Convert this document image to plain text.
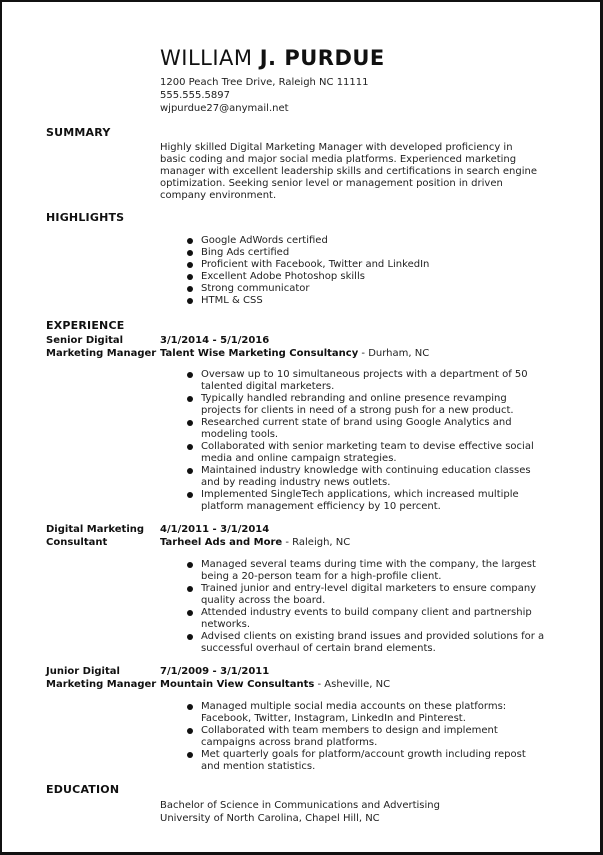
WILLIAM J. PURDUE
1200 Peach Tree Drive, Raleigh NC 11111
555.555.5897
wjpurdue27@anymail.net
SUMMARY
Highly skilled Digital Marketing Manager with developed proficiency in
basic coding and major social media platforms. Experienced marketing
manager with excellent leadership skills and certifications in search engine
optimization. Seeking senior level or management position in driven
company environment.
HIGHLIGHTS
Google AdWords certified
Bing Ads certified
Proficient with Facebook, Twitter and LinkedIn
Excellent Adobe Photoshop skills
Strong communicator
HTML & CSS
EXPERIENCE
Senior Digital
Marketing Manager
3/1/2014 - 5/1/2016
Talent Wise Marketing Consultancy - Durham, NC
Oversaw up to 10 simultaneous projects with a department of 50
talented digital marketers.
Typically handled rebranding and online presence revamping
projects for clients in need of a strong push for a new product.
Researched current state of brand using Google Analytics and
modeling tools.
Collaborated with senior marketing team to devise effective social
media and online campaign strategies.
Maintained industry knowledge with continuing education classes
and by reading industry news outlets.
Implemented SingleTech applications, which increased multiple
platform management efficiency by 10 percent.
Digital Marketing
Consultant
4/1/2011 - 3/1/2014
Tarheel Ads and More - Raleigh, NC
Managed several teams during time with the company, the largest
being a 20-person team for a high-profile client.
Trained junior and entry-level digital marketers to ensure company
quality across the board.
Attended industry events to build company client and partnership
networks.
Advised clients on existing brand issues and provided solutions for a
successful overhaul of certain brand elements.
Junior Digital
Marketing Manager
7/1/2009 - 3/1/2011
Mountain View Consultants - Asheville, NC
Managed multiple social media accounts on these platforms:
Facebook, Twitter, Instagram, LinkedIn and Pinterest.
Collaborated with team members to design and implement
campaigns across brand platforms.
Met quarterly goals for platform/account growth including repost
and mention statistics.
EDUCATION
Bachelor of Science in Communications and Advertising
University of North Carolina, Chapel Hill, NC
